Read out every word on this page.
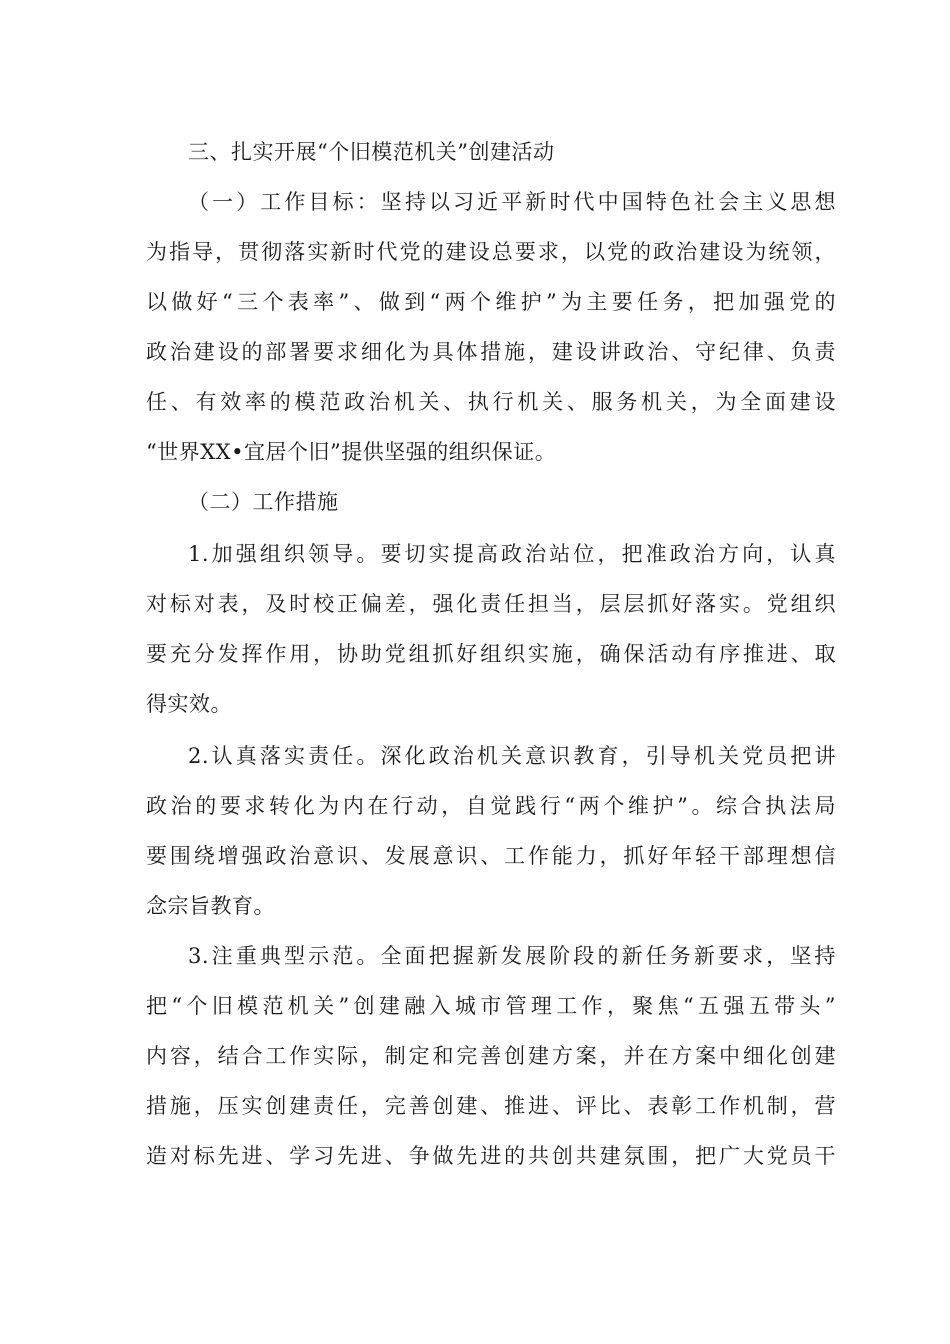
三、扎实开展“个旧模范机关”创建活动
（一）工作目标：坚持以习近平新时代中国特色社会主义思想
为指导，贯彻落实新时代党的建设总要求，以党的政治建设为统领，
以做好“三个表率”、做到“两个维护”为主要任务，把加强党的
政治建设的部署要求细化为具体措施，建设讲政治、守纪律、负责
任、有效率的模范政治机关、执行机关、服务机关，为全面建设
“世界XX•宜居个旧”提供坚强的组织保证。
（二）工作措施
1.加强组织领导。要切实提高政治站位，把准政治方向，认真
对标对表，及时校正偏差，强化责任担当，层层抓好落实。党组织
要充分发挥作用，协助党组抓好组织实施，确保活动有序推进、取
得实效。
2.认真落实责任。深化政治机关意识教育，引导机关党员把讲
政治的要求转化为内在行动，自觉践行“两个维护”。综合执法局
要围绕增强政治意识、发展意识、工作能力，抓好年轻干部理想信
念宗旨教育。
3.注重典型示范。全面把握新发展阶段的新任务新要求，坚持
把“个旧模范机关”创建融入城市管理工作，聚焦“五强五带头”
内容，结合工作实际，制定和完善创建方案，并在方案中细化创建
措施，压实创建责任，完善创建、推进、评比、表彰工作机制，营
造对标先进、学习先进、争做先进的共创共建氛围，把广大党员干
